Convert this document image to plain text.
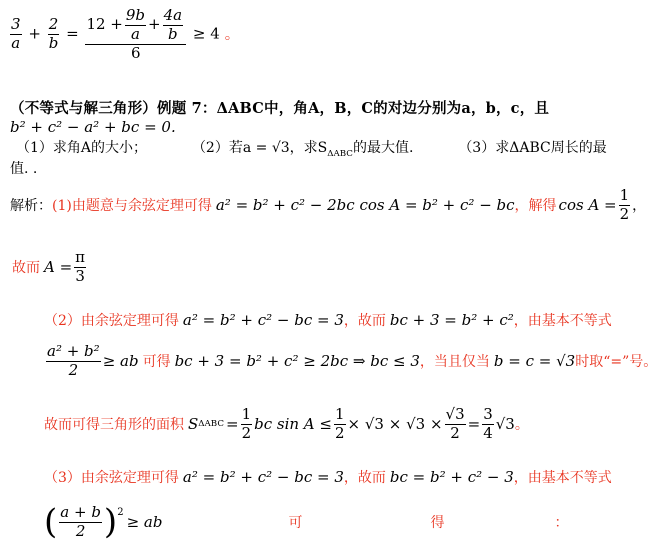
$\frac{3}{a} + \frac{2}{b}$ =
$12 + \frac{9b}{a} + \frac{4a}{b}$
6
≥ 4 。
（不等式与解三角形）例题 7：ΔABC中，角A，B，C的对边分别为a，b，c，且
b² + c² − a² + bc = 0.
（1）求角A的大小；	（2）若a = √3，求$S_{\Delta ABC}$的最大值.	（3）求ΔABC周长的最
值. .
解析： (1)由题意与余弦定理可得 a² = b² + c² − 2bc cos A = b² + c² − bc ，解得 $\cos A = \frac{1}{2}$ ，
故而 $A = \frac{\pi}{3}$
（2）由余弦定理可得 a² = b² + c² − bc = 3 ，故而 bc + 3 = b² + c² ，由基本不等式
$\frac{\text{a² + b²}}{2}$ ≥ ab 可得 bc + 3 = b² + c² ≥ 2bc ⇒ bc ≤ 3 ，当且仅当 b = c = √3 时取“=”号。
故而可得三角形的面积 S $\Delta ABC = \frac{1}{2}$ bc $\sin A \le \frac{1}{2} \times √3 \times √3 \times \frac{√3}{2} = \frac{3}{4} √3$ 。
（3）由余弦定理可得 a² = b² + c² − bc = 3 ，故而 bc = b² + c² − 3 ，由基本不等式
( $\frac{a + b}{2}$ ) 2
≥ ab	可	得	：
